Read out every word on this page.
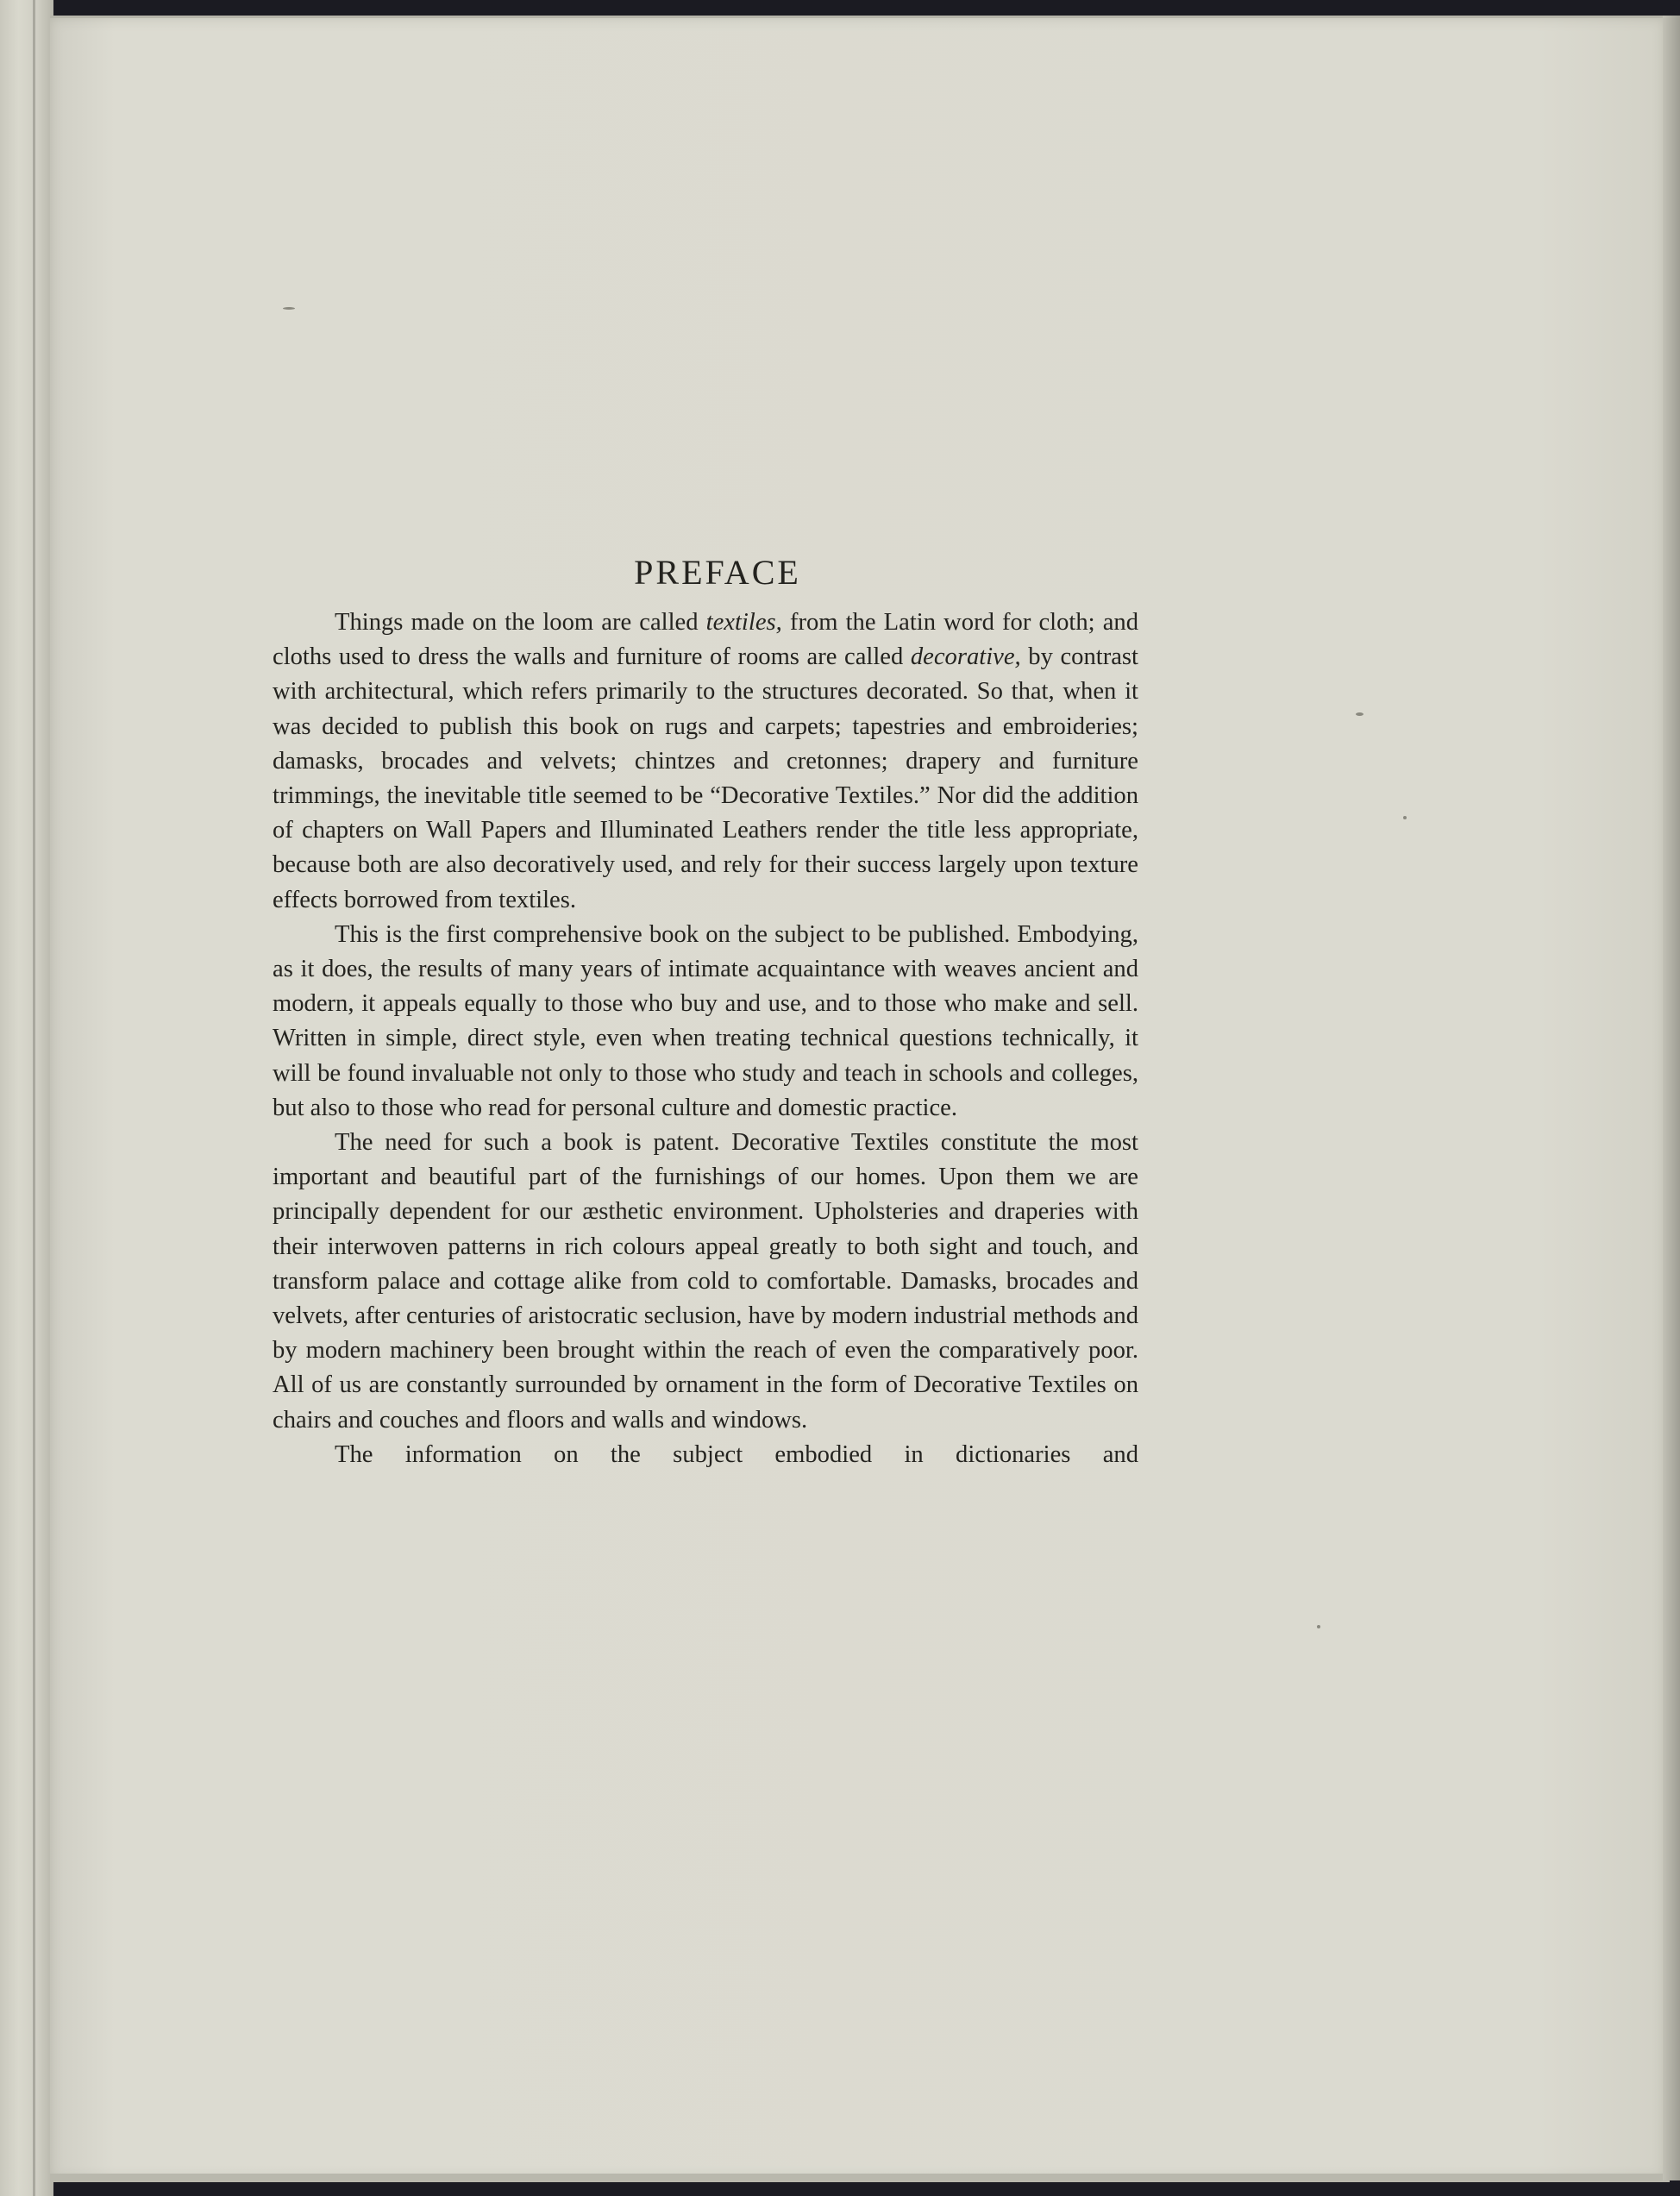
PREFACE

Things made on the loom are called textiles, from the Latin word for cloth; and cloths used to dress the walls and furniture of rooms are called decorative, by contrast with architectural, which refers primarily to the structures decorated. So that, when it was decided to publish this book on rugs and carpets; tapestries and embroideries; damasks, brocades and velvets; chintzes and cretonnes; drapery and furniture trimmings, the inevitable title seemed to be “Decorative Textiles.” Nor did the addition of chapters on Wall Papers and Illuminated Leathers render the title less appropriate, because both are also decoratively used, and rely for their success largely upon texture effects borrowed from textiles.

This is the first comprehensive book on the subject to be published. Embodying, as it does, the results of many years of intimate acquaintance with weaves ancient and modern, it appeals equally to those who buy and use, and to those who make and sell. Written in simple, direct style, even when treating technical questions technically, it will be found invaluable not only to those who study and teach in schools and colleges, but also to those who read for personal culture and domestic practice.

The need for such a book is patent. Decorative Textiles constitute the most important and beautiful part of the furnishings of our homes. Upon them we are principally dependent for our æsthetic environment. Upholsteries and draperies with their interwoven patterns in rich colours appeal greatly to both sight and touch, and transform palace and cottage alike from cold to comfortable. Damasks, brocades and velvets, after centuries of aristocratic seclusion, have by modern industrial methods and by modern machinery been brought within the reach of even the comparatively poor. All of us are constantly surrounded by ornament in the form of Decorative Textiles on chairs and couches and floors and walls and windows.

The information on the subject embodied in dictionaries and
